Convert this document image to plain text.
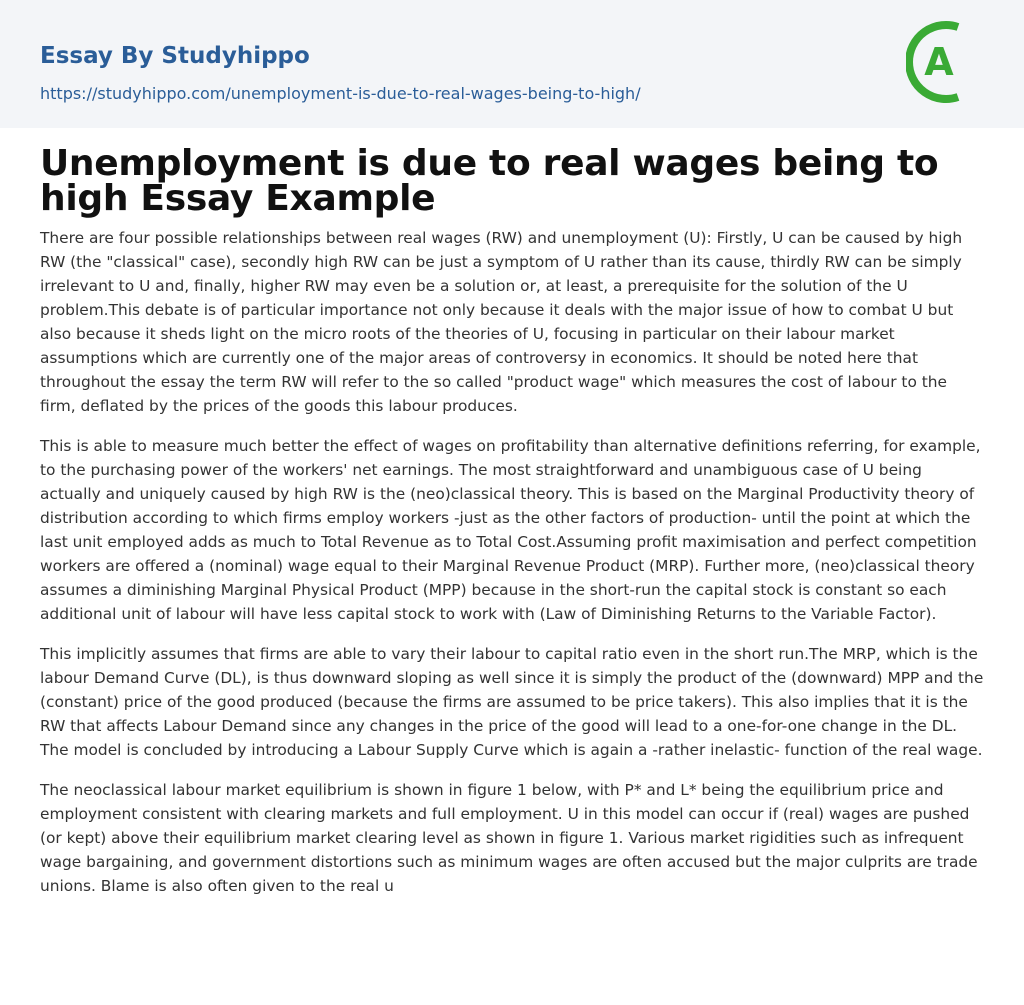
Essay By Studyhippo
https://studyhippo.com/unemployment-is-due-to-real-wages-being-to-high/
A
Unemployment is due to real wages being to high Essay Example

There are four possible relationships between real wages (RW) and unemployment (U): Firstly, U can be caused by high RW (the "classical" case), secondly high RW can be just a symptom of U rather than its cause, thirdly RW can be simply irrelevant to U and, finally, higher RW may even be a solution or, at least, a prerequisite for the solution of the U problem.This debate is of particular importance not only because it deals with the major issue of how to combat U but also because it sheds light on the micro roots of the theories of U, focusing in particular on their labour market assumptions which are currently one of the major areas of controversy in economics. It should be noted here that throughout the essay the term RW will refer to the so called "product wage" which measures the cost of labour to the firm, deflated by the prices of the goods this labour produces.

This is able to measure much better the effect of wages on profitability than alternative definitions referring, for example, to the purchasing power of the workers' net earnings. The most straightforward and unambiguous case of U being actually and uniquely caused by high RW is the (neo)classical theory. This is based on the Marginal Productivity theory of distribution according to which firms employ workers -just as the other factors of production- until the point at which the last unit employed adds as much to Total Revenue as to Total Cost.Assuming profit maximisation and perfect competition workers are offered a (nominal) wage equal to their Marginal Revenue Product (MRP). Further more, (neo)classical theory assumes a diminishing Marginal Physical Product (MPP) because in the short-run the capital stock is constant so each additional unit of labour will have less capital stock to work with (Law of Diminishing Returns to the Variable Factor).

This implicitly assumes that firms are able to vary their labour to capital ratio even in the short run.The MRP, which is the labour Demand Curve (DL), is thus downward sloping as well since it is simply the product of the (downward) MPP and the (constant) price of the good produced (because the firms are assumed to be price takers). This also implies that it is the RW that affects Labour Demand since any changes in the price of the good will lead to a one-for-one change in the DL. The model is concluded by introducing a Labour Supply Curve which is again a -rather inelastic- function of the real wage.

The neoclassical labour market equilibrium is shown in figure 1 below, with P* and L* being the equilibrium price and employment consistent with clearing markets and full employment. U in this model can occur if (real) wages are pushed (or kept) above their equilibrium market clearing level as shown in figure 1. Various market rigidities such as infrequent wage bargaining, and government distortions such as minimum wages are often accused but the major culprits are trade unions. Blame is also often given to the real u
